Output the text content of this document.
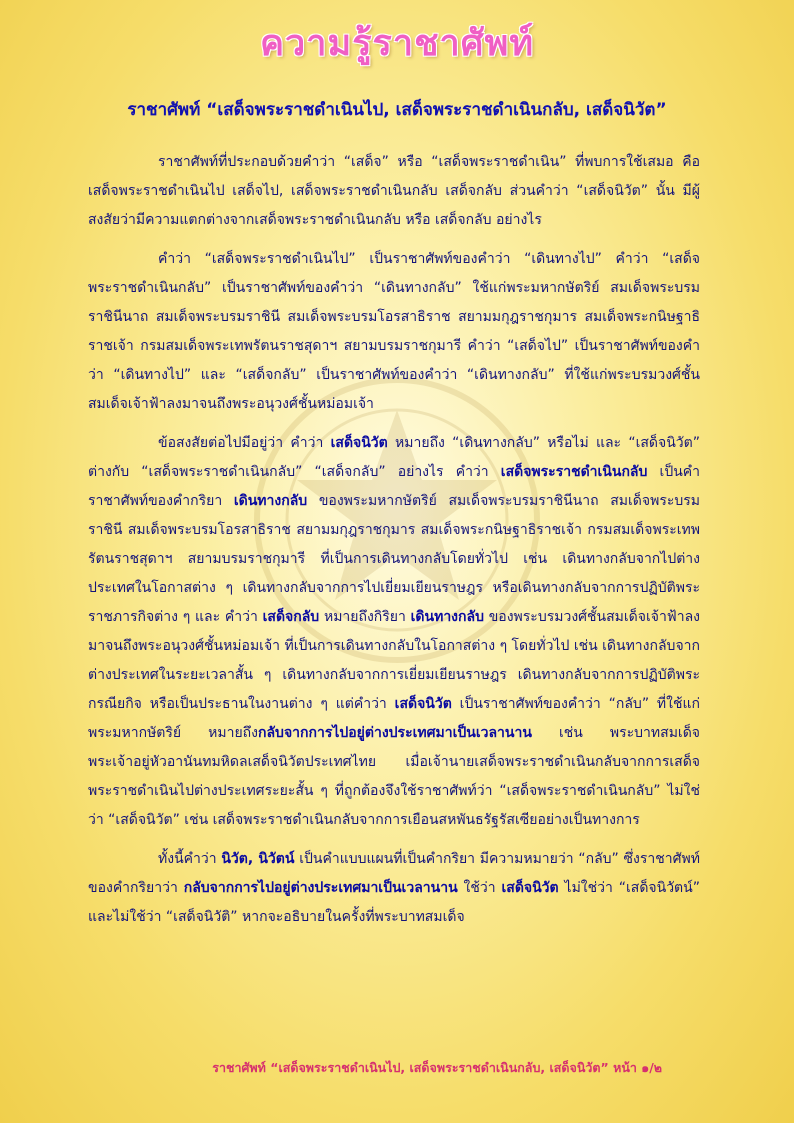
ความรู้ราชาศัพท์
ราชาศัพท์ “เสด็จพระราชดำเนินไป, เสด็จพระราชดำเนินกลับ, เสด็จนิวัต”

ราชาศัพท์ที่ประกอบด้วยคำว่า “เสด็จ” หรือ “เสด็จพระราชดำเนิน” ที่พบการใช้เสมอ คือ เสด็จพระราชดำเนินไป เสด็จไป, เสด็จพระราชดำเนินกลับ เสด็จกลับ ส่วนคำว่า “เสด็จนิวัต” นั้น มีผู้สงสัยว่ามีความแตกต่างจากเสด็จพระราชดำเนินกลับ หรือ เสด็จกลับ อย่างไร

คำว่า “เสด็จพระราชดำเนินไป” เป็นราชาศัพท์ของคำว่า “เดินทางไป” คำว่า “เสด็จพระราชดำเนินกลับ” เป็นราชาศัพท์ของคำว่า “เดินทางกลับ” ใช้แก่พระมหากษัตริย์ สมเด็จพระบรมราชินีนาถ สมเด็จพระบรมราชินี สมเด็จพระบรมโอรสาธิราช สยามมกุฎราชกุมาร สมเด็จพระกนิษฐาธิราชเจ้า กรมสมเด็จพระเทพรัตนราชสุดาฯ สยามบรมราชกุมารี คำว่า “เสด็จไป” เป็นราชาศัพท์ของคำว่า “เดินทางไป” และ “เสด็จกลับ” เป็นราชาศัพท์ของคำว่า “เดินทางกลับ” ที่ใช้แก่พระบรมวงศ์ชั้นสมเด็จเจ้าฟ้าลงมาจนถึงพระอนุวงศ์ชั้นหม่อมเจ้า

ข้อสงสัยต่อไปมีอยู่ว่า คำว่า เสด็จนิวัต หมายถึง “เดินทางกลับ” หรือไม่ และ “เสด็จนิวัต” ต่างกับ “เสด็จพระราชดำเนินกลับ” “เสด็จกลับ” อย่างไร คำว่า เสด็จพระราชดำเนินกลับ เป็นคำราชาศัพท์ของคำกริยา เดินทางกลับ ของพระมหากษัตริย์ สมเด็จพระบรมราชินีนาถ สมเด็จพระบรมราชินี สมเด็จพระบรมโอรสาธิราช สยามมกุฎราชกุมาร สมเด็จพระกนิษฐาธิราชเจ้า กรมสมเด็จพระเทพรัตนราชสุดาฯ สยามบรมราชกุมารี ที่เป็นการเดินทางกลับโดยทั่วไป เช่น เดินทางกลับจากไปต่างประเทศในโอกาสต่าง ๆ เดินทางกลับจากการไปเยี่ยมเยียนราษฎร หรือเดินทางกลับจากการปฏิบัติพระราชภารกิจต่าง ๆ และ คำว่า เสด็จกลับ หมายถึงกิริยา เดินทางกลับ ของพระบรมวงศ์ชั้นสมเด็จเจ้าฟ้าลงมาจนถึงพระอนุวงศ์ชั้นหม่อมเจ้า ที่เป็นการเดินทางกลับในโอกาสต่าง ๆ โดยทั่วไป เช่น เดินทางกลับจากต่างประเทศในระยะเวลาสั้น ๆ เดินทางกลับจากการเยี่ยมเยียนราษฎร เดินทางกลับจากการปฏิบัติพระกรณียกิจ หรือเป็นประธานในงานต่าง ๆ แต่คำว่า เสด็จนิวัต เป็นราชาศัพท์ของคำว่า “กลับ” ที่ใช้แก่พระมหากษัตริย์ หมายถึงกลับจากการไปอยู่ต่างประเทศมาเป็นเวลานาน เช่น พระบาทสมเด็จพระเจ้าอยู่หัวอานันทมหิดลเสด็จนิวัตประเทศไทย เมื่อเจ้านายเสด็จพระราชดำเนินกลับจากการเสด็จพระราชดำเนินไปต่างประเทศระยะสั้น ๆ ที่ถูกต้องจึงใช้ราชาศัพท์ว่า “เสด็จพระราชดำเนินกลับ” ไม่ใช่ว่า “เสด็จนิวัต” เช่น เสด็จพระราชดำเนินกลับจากการเยือนสหพันธรัฐรัสเซียอย่างเป็นทางการ

ทั้งนี้คำว่า นิวัต, นิวัตน์ เป็นคำแบบแผนที่เป็นคำกริยา มีความหมายว่า “กลับ” ซึ่งราชาศัพท์ของคำกริยาว่า กลับจากการไปอยู่ต่างประเทศมาเป็นเวลานาน ใช้ว่า เสด็จนิวัต ไม่ใช่ว่า “เสด็จนิวัตน์” และไม่ใช้ว่า “เสด็จนิวัติ” หากจะอธิบายในครั้งที่พระบาทสมเด็จ

ราชาศัพท์ “เสด็จพระราชดำเนินไป, เสด็จพระราชดำเนินกลับ, เสด็จนิวัต” หน้า ๑/๒
